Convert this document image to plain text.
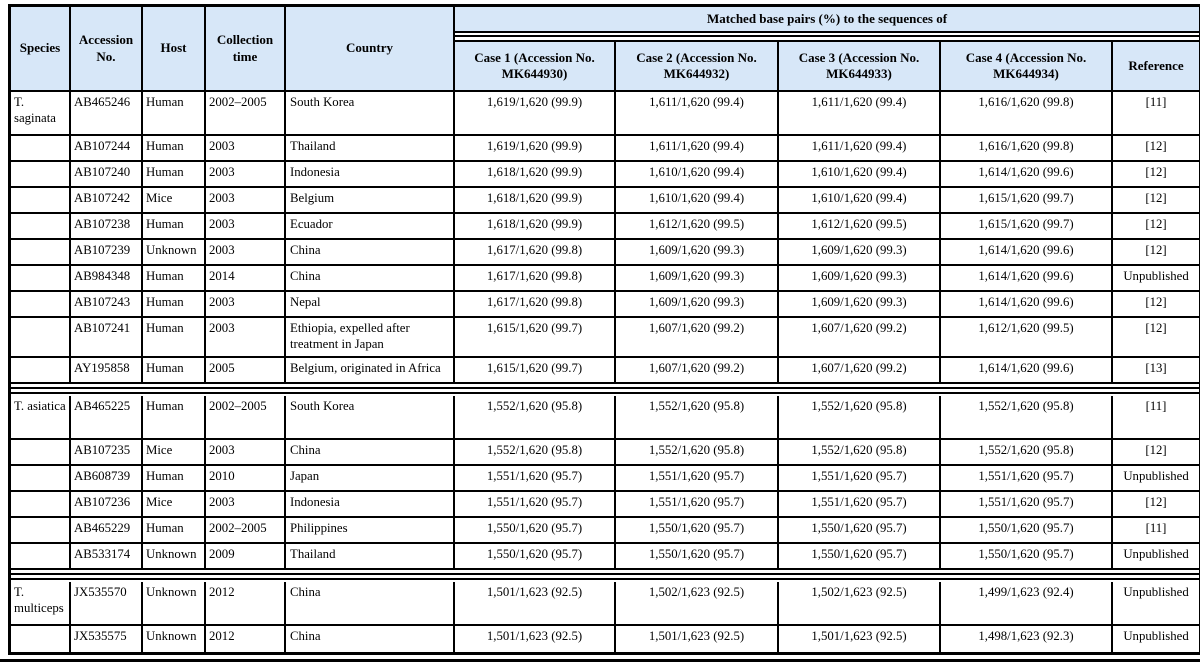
Species	Accession No.	Host	Collection time	Country	Matched base pairs (%) to the sequences of				

					Case 1 (Accession No. MK644930)	Case 2 (Accession No. MK644932)	Case 3 (Accession No. MK644933)	Case 4 (Accession No. MK644934)	Reference
T. saginata	AB465246	Human	2002–2005	South Korea	1,619/1,620 (99.9)	1,611/1,620 (99.4)	1,611/1,620 (99.4)	1,616/1,620 (99.8)	[11]
	AB107244	Human	2003	Thailand	1,619/1,620 (99.9)	1,611/1,620 (99.4)	1,611/1,620 (99.4)	1,616/1,620 (99.8)	[12]
	AB107240	Human	2003	Indonesia	1,618/1,620 (99.9)	1,610/1,620 (99.4)	1,610/1,620 (99.4)	1,614/1,620 (99.6)	[12]
	AB107242	Mice	2003	Belgium	1,618/1,620 (99.9)	1,610/1,620 (99.4)	1,610/1,620 (99.4)	1,615/1,620 (99.7)	[12]
	AB107238	Human	2003	Ecuador	1,618/1,620 (99.9)	1,612/1,620 (99.5)	1,612/1,620 (99.5)	1,615/1,620 (99.7)	[12]
	AB107239	Unknown	2003	China	1,617/1,620 (99.8)	1,609/1,620 (99.3)	1,609/1,620 (99.3)	1,614/1,620 (99.6)	[12]
	AB984348	Human	2014	China	1,617/1,620 (99.8)	1,609/1,620 (99.3)	1,609/1,620 (99.3)	1,614/1,620 (99.6)	Unpublished
	AB107243	Human	2003	Nepal	1,617/1,620 (99.8)	1,609/1,620 (99.3)	1,609/1,620 (99.3)	1,614/1,620 (99.6)	[12]
	AB107241	Human	2003	Ethiopia, expelled after treatment in Japan	1,615/1,620 (99.7)	1,607/1,620 (99.2)	1,607/1,620 (99.2)	1,612/1,620 (99.5)	[12]
	AY195858	Human	2005	Belgium, originated in Africa	1,615/1,620 (99.7)	1,607/1,620 (99.2)	1,607/1,620 (99.2)	1,614/1,620 (99.6)	[13]

T. asiatica	AB465225	Human	2002–2005	South Korea	1,552/1,620 (95.8)	1,552/1,620 (95.8)	1,552/1,620 (95.8)	1,552/1,620 (95.8)	[11]
	AB107235	Mice	2003	China	1,552/1,620 (95.8)	1,552/1,620 (95.8)	1,552/1,620 (95.8)	1,552/1,620 (95.8)	[12]
	AB608739	Human	2010	Japan	1,551/1,620 (95.7)	1,551/1,620 (95.7)	1,551/1,620 (95.7)	1,551/1,620 (95.7)	Unpublished
	AB107236	Mice	2003	Indonesia	1,551/1,620 (95.7)	1,551/1,620 (95.7)	1,551/1,620 (95.7)	1,551/1,620 (95.7)	[12]
	AB465229	Human	2002–2005	Philippines	1,550/1,620 (95.7)	1,550/1,620 (95.7)	1,550/1,620 (95.7)	1,550/1,620 (95.7)	[11]
	AB533174	Unknown	2009	Thailand	1,550/1,620 (95.7)	1,550/1,620 (95.7)	1,550/1,620 (95.7)	1,550/1,620 (95.7)	Unpublished

T. multiceps	JX535570	Unknown	2012	China	1,501/1,623 (92.5)	1,502/1,623 (92.5)	1,502/1,623 (92.5)	1,499/1,623 (92.4)	Unpublished
	JX535575	Unknown	2012	China	1,501/1,623 (92.5)	1,501/1,623 (92.5)	1,501/1,623 (92.5)	1,498/1,623 (92.3)	Unpublished
